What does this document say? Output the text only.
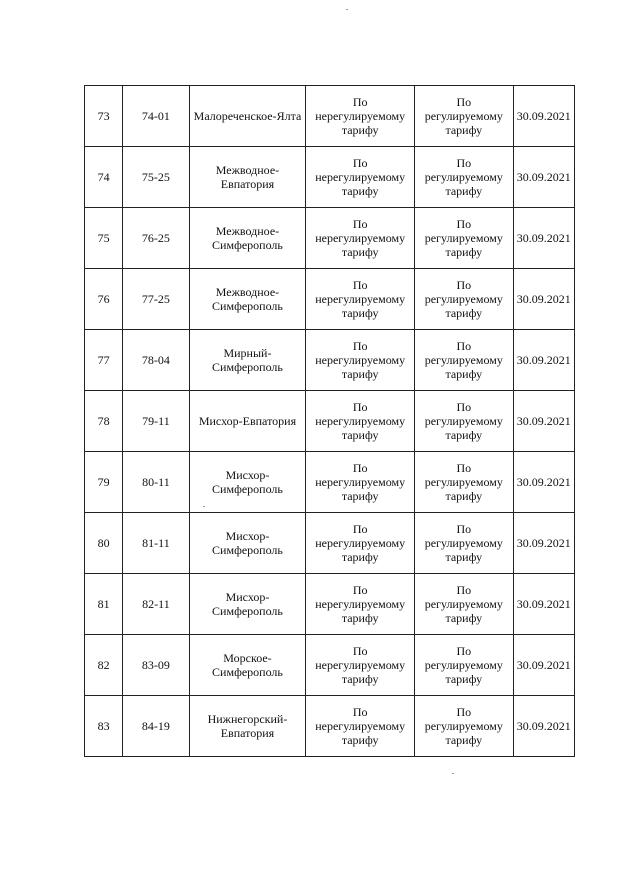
73	74-01	Малореченское-Ялта	По нерегулируемому тарифу	По регулируемому тарифу	30.09.2021
74	75-25	Межводное-Евпатория	По нерегулируемому тарифу	По регулируемому тарифу	30.09.2021
75	76-25	Межводное-Симферополь	По нерегулируемому тарифу	По регулируемому тарифу	30.09.2021
76	77-25	Межводное-Симферополь	По нерегулируемому тарифу	По регулируемому тарифу	30.09.2021
77	78-04	Мирный-Симферополь	По нерегулируемому тарифу	По регулируемому тарифу	30.09.2021
78	79-11	Мисхор-Евпатория	По нерегулируемому тарифу	По регулируемому тарифу	30.09.2021
79	80-11	Мисхор-Симферополь	По нерегулируемому тарифу	По регулируемому тарифу	30.09.2021
80	81-11	Мисхор-Симферополь	По нерегулируемому тарифу	По регулируемому тарифу	30.09.2021
81	82-11	Мисхор-Симферополь	По нерегулируемому тарифу	По регулируемому тарифу	30.09.2021
82	83-09	Морское-Симферополь	По нерегулируемому тарифу	По регулируемому тарифу	30.09.2021
83	84-19	Нижнегорский-Евпатория	По нерегулируемому тарифу	По регулируемому тарифу	30.09.2021
